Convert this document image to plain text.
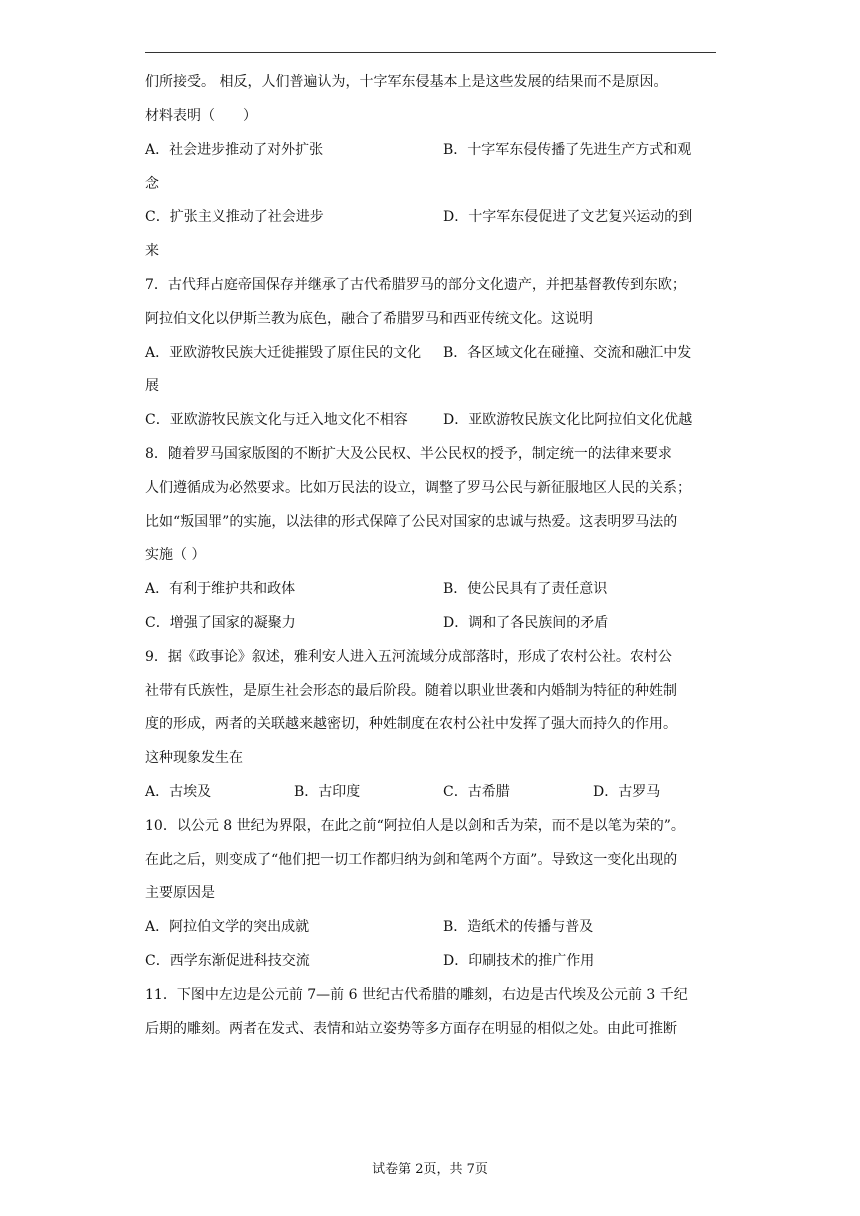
们所接受。 相反，人们普遍认为，十字军东侵基本上是这些发展的结果而不是原因。
材料表明（　　）
A．社会进步推动了对外扩张	B．十字军东侵传播了先进生产方式和观
念
C．扩张主义推动了社会进步	D．十字军东侵促进了文艺复兴运动的到
来
7．古代拜占庭帝国保存并继承了古代希腊罗马的部分文化遗产，并把基督教传到东欧；
阿拉伯文化以伊斯兰教为底色，融合了希腊罗马和西亚传统文化。这说明
A．亚欧游牧民族大迁徙摧毁了原住民的文化 B．各区域文化在碰撞、交流和融汇中发
展
C．亚欧游牧民族文化与迁入地文化不相容	D．亚欧游牧民族文化比阿拉伯文化优越
8．随着罗马国家版图的不断扩大及公民权、半公民权的授予，制定统一的法律来要求
人们遵循成为必然要求。比如万民法的设立，调整了罗马公民与新征服地区人民的关系；
比如“叛国罪”的实施，以法律的形式保障了公民对国家的忠诚与热爱。这表明罗马法的
实施（ ）
A．有利于维护共和政体	B．使公民具有了责任意识
C．增强了国家的凝聚力	D．调和了各民族间的矛盾
9．据《政事论》叙述，雅利安人进入五河流域分成部落时，形成了农村公社。农村公
社带有氏族性，是原生社会形态的最后阶段。随着以职业世袭和内婚制为特征的种姓制
度的形成，两者的关联越来越密切，种姓制度在农村公社中发挥了强大而持久的作用。
这种现象发生在
A．古埃及	B．古印度	C．古希腊	D．古罗马
10．以公元 8 世纪为界限，在此之前“阿拉伯人是以剑和舌为荣，而不是以笔为荣的”。
在此之后，则变成了“他们把一切工作都归纳为剑和笔两个方面”。导致这一变化出现的
主要原因是
A．阿拉伯文学的突出成就	B．造纸术的传播与普及
C．西学东渐促进科技交流	D．印刷技术的推广作用
11．下图中左边是公元前 7—前 6 世纪古代希腊的雕刻，右边是古代埃及公元前 3 千纪
后期的雕刻。两者在发式、表情和站立姿势等多方面存在明显的相似之处。由此可推断
试卷第 2页，共 7页
